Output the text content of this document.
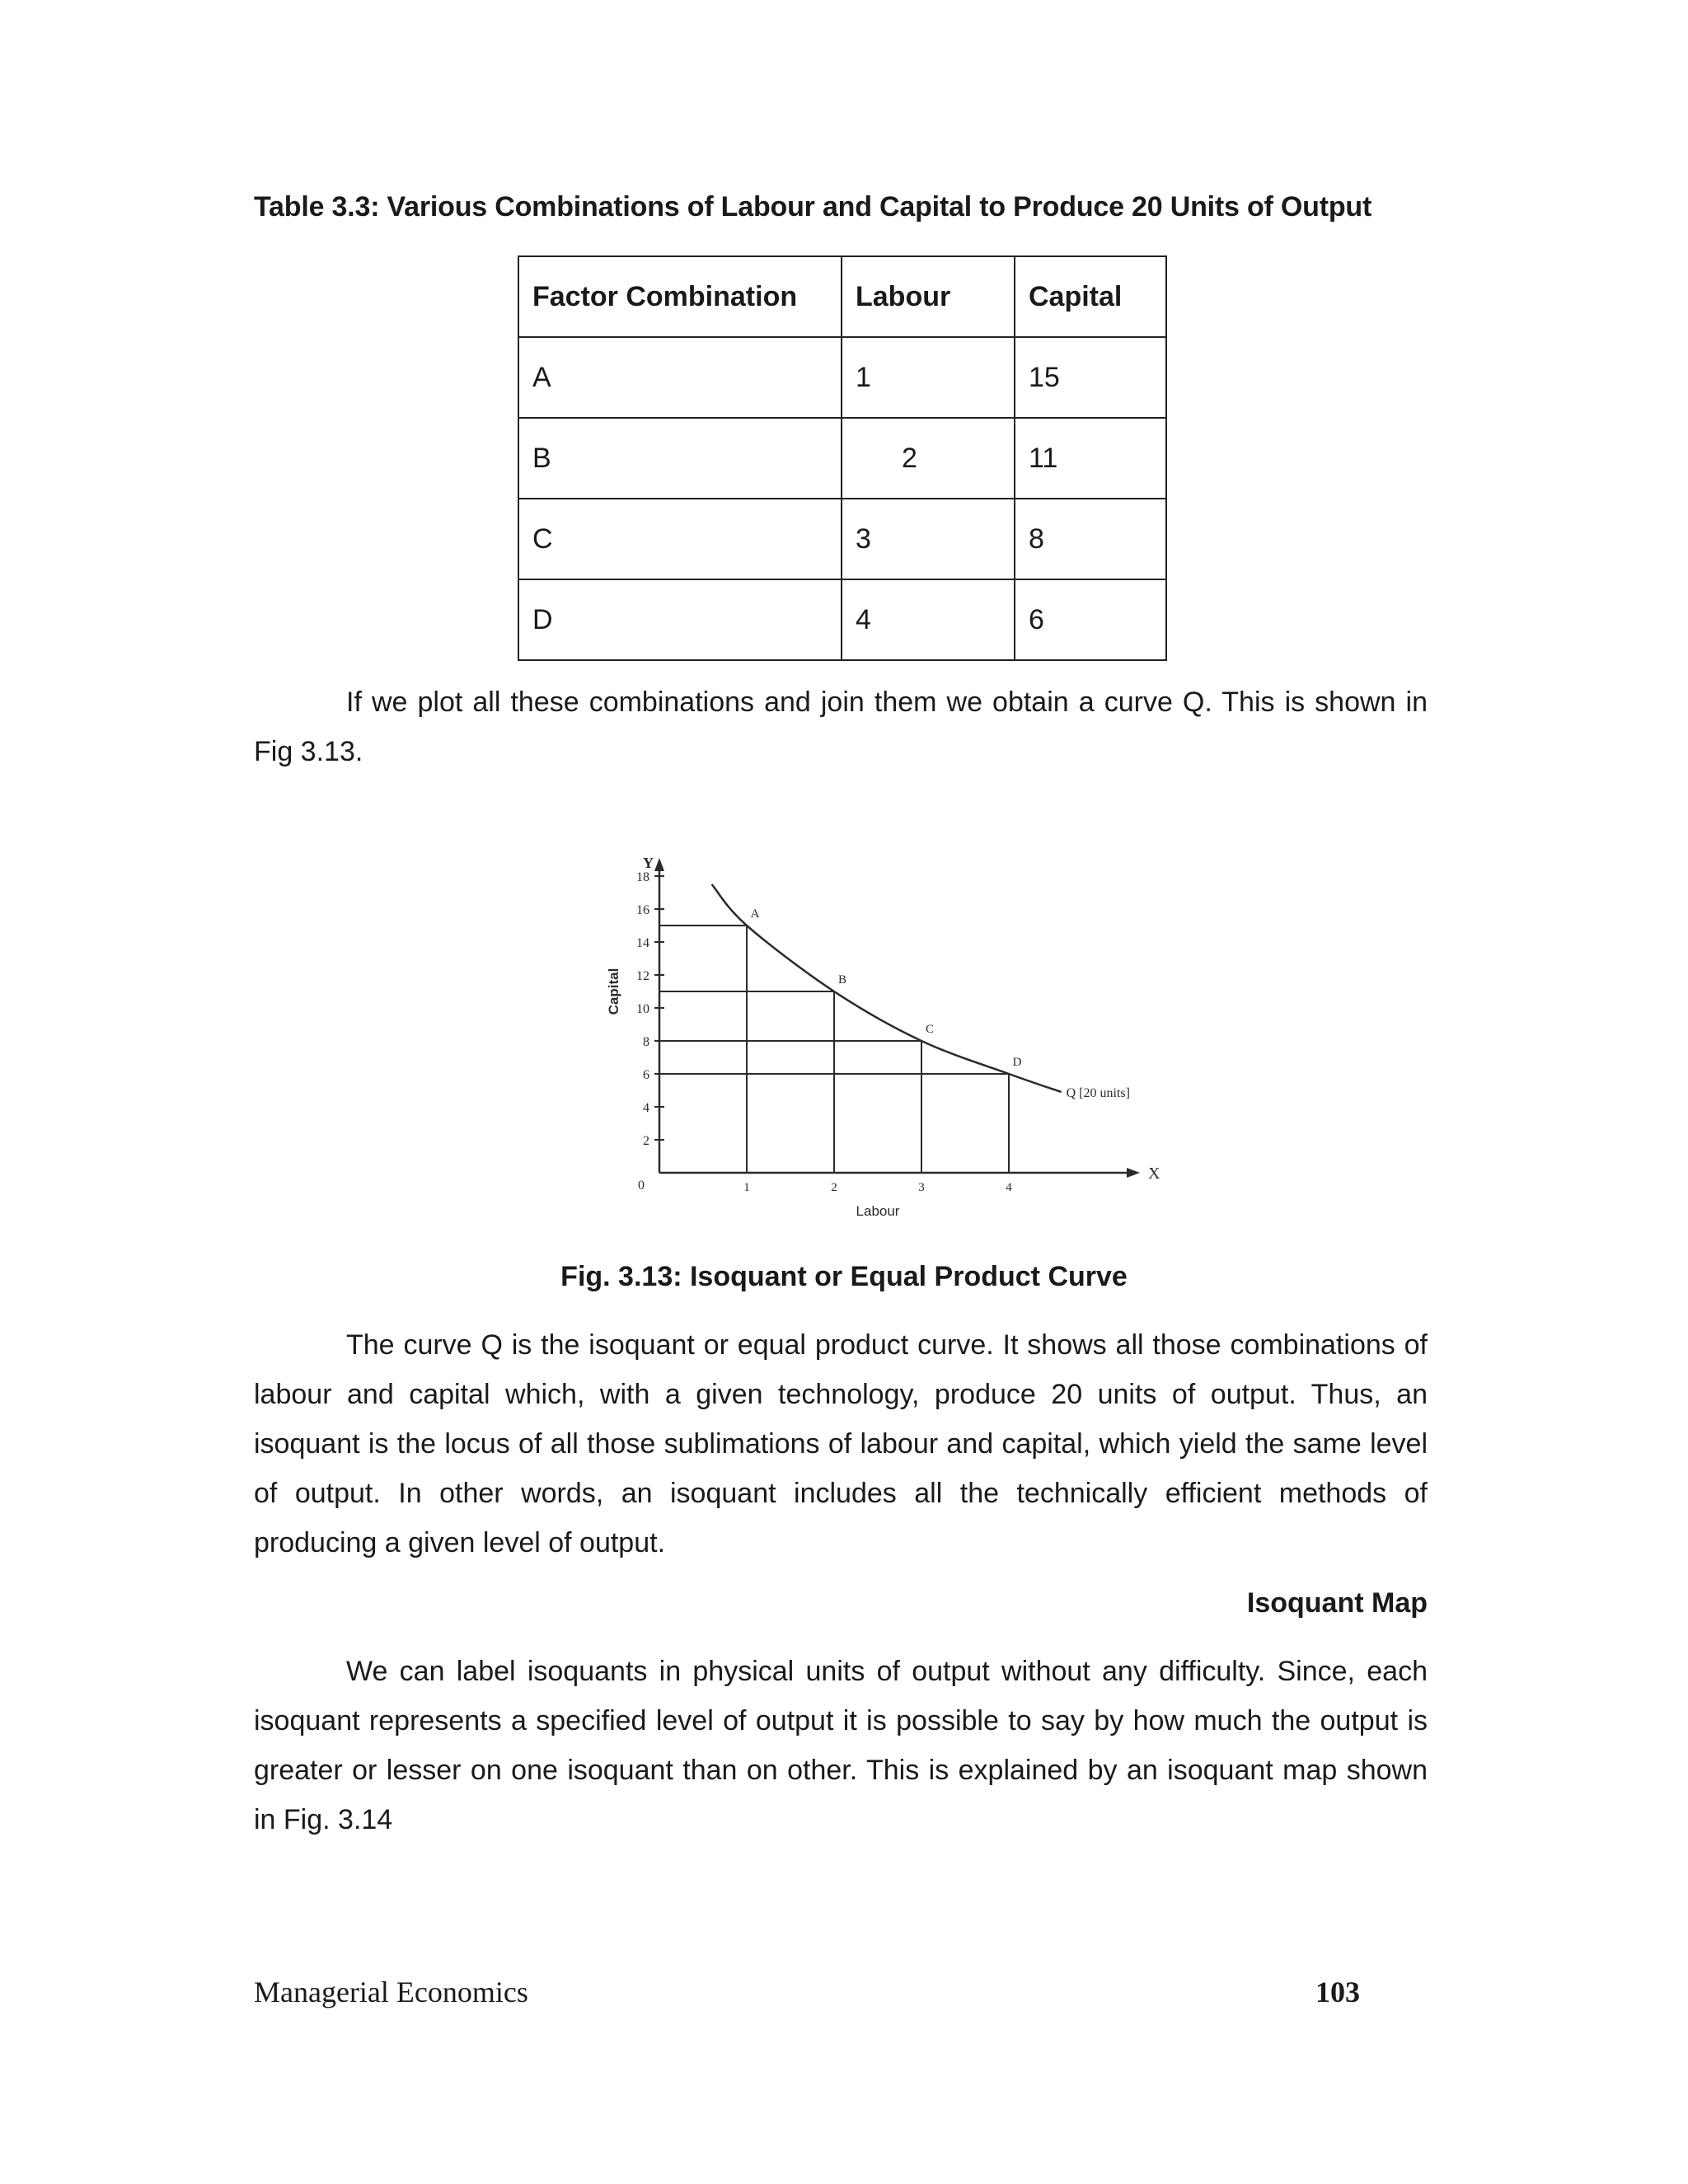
Table 3.3: Various Combinations of Labour and Capital to Produce 20 Units of Output
Factor Combination	Labour	Capital
A	1	15
B	2	11
C	3	8
D	4	6

If we plot all these combinations and join them we obtain a curve Q. This is shown in Fig 3.13.

X
Y
0
2
4
6
8
10
12
14
16
18
1	2	3	4
Labour
Capital
A
B
C
D
Q [20 units]
Fig. 3.13: Isoquant or Equal Product Curve

The curve Q is the isoquant or equal product curve. It shows all those combinations of labour and capital which, with a given technology, produce 20 units of output. Thus, an isoquant is the locus of all those sublimations of labour and capital, which yield the same level of output. In other words, an isoquant includes all the technically efficient methods of producing a given level of output.

Isoquant Map

We can label isoquants in physical units of output without any difficulty. Since, each isoquant represents a specified level of output it is possible to say by how much the output is greater or lesser on one isoquant than on other. This is explained by an isoquant map shown in Fig. 3.14

Managerial Economics	103
